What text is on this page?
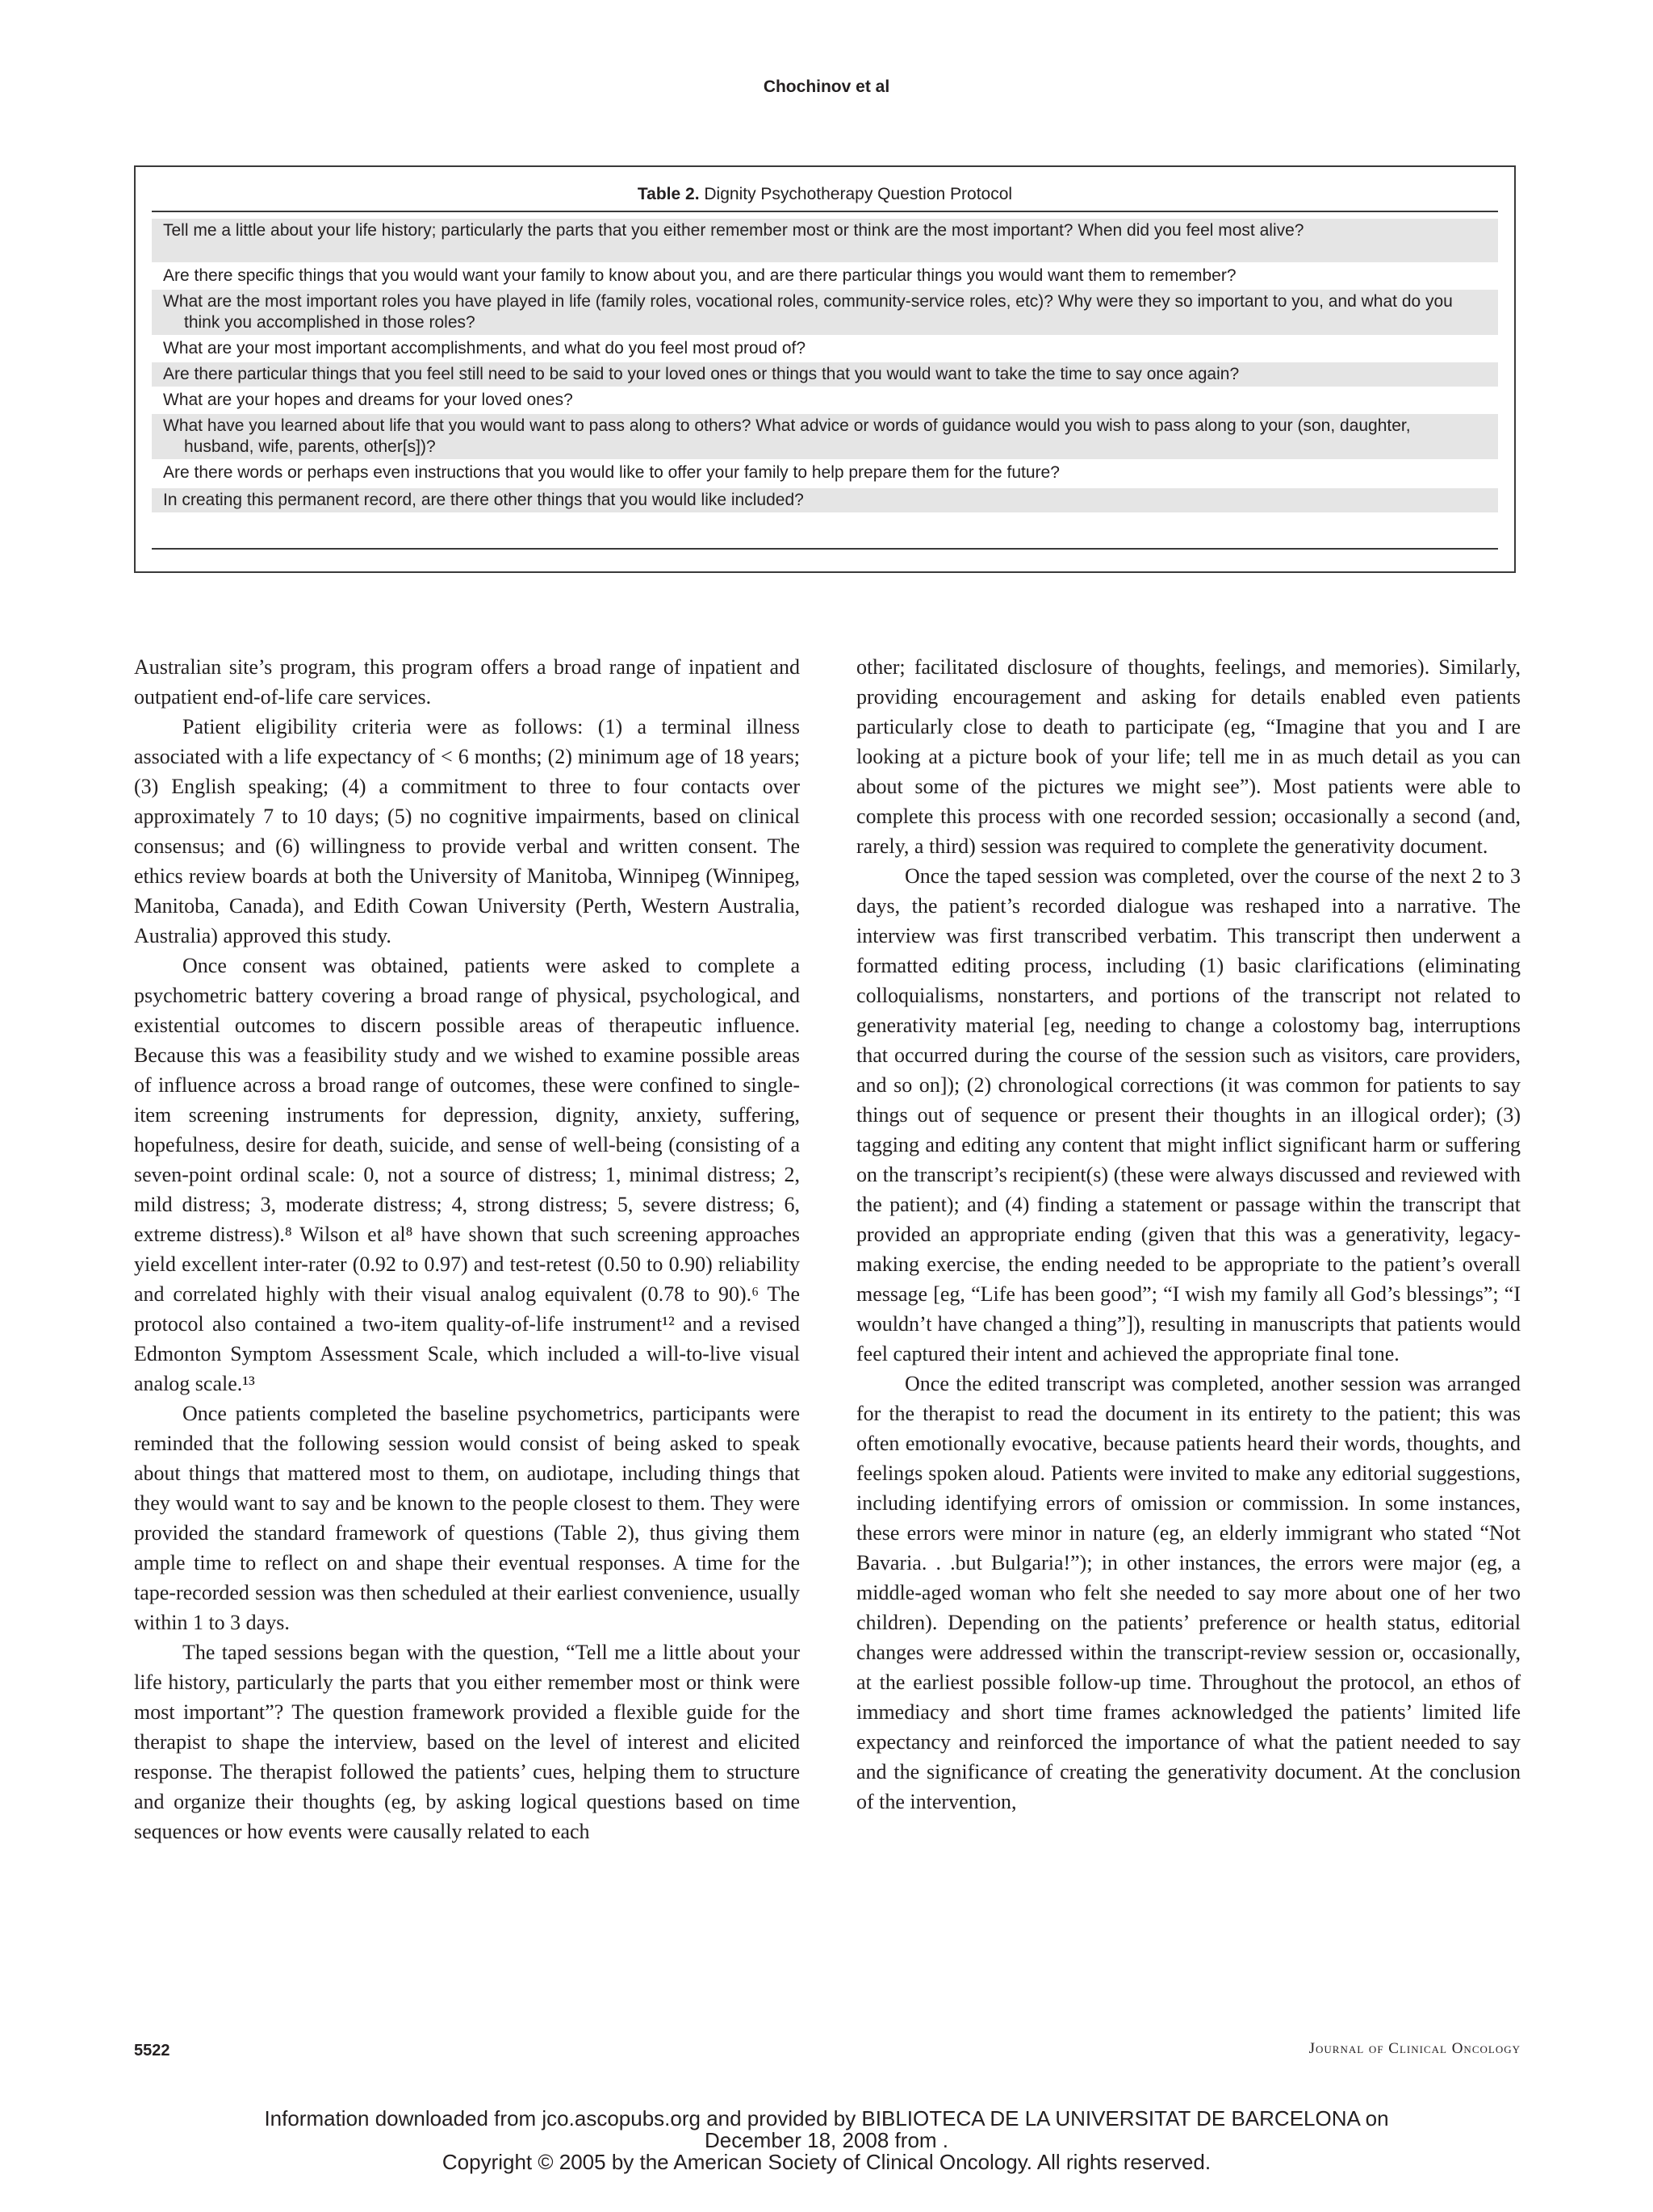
Chochinov et al
Table 2. Dignity Psychotherapy Question Protocol
Tell me a little about your life history; particularly the parts that you either remember most or think are the most important? When did you feel most alive?
Are there specific things that you would want your family to know about you, and are there particular things you would want them to remember?
What are the most important roles you have played in life (family roles, vocational roles, community-service roles, etc)? Why were they so important to you, and what do you think you accomplished in those roles?
What are your most important accomplishments, and what do you feel most proud of?
Are there particular things that you feel still need to be said to your loved ones or things that you would want to take the time to say once again?
What are your hopes and dreams for your loved ones?
What have you learned about life that you would want to pass along to others? What advice or words of guidance would you wish to pass along to your (son, daughter, husband, wife, parents, other[s])?
Are there words or perhaps even instructions that you would like to offer your family to help prepare them for the future?
In creating this permanent record, are there other things that you would like included?

Australian site’s program, this program offers a broad range of inpatient and outpatient end-of-life care services.

Patient eligibility criteria were as follows: (1) a terminal illness associated with a life expectancy of < 6 months; (2) minimum age of 18 years; (3) English speaking; (4) a commitment to three to four contacts over approximately 7 to 10 days; (5) no cognitive impairments, based on clinical consensus; and (6) willingness to provide verbal and written consent. The ethics review boards at both the University of Manitoba, Winnipeg (Winnipeg, Manitoba, Canada), and Edith Cowan University (Perth, Western Australia, Australia) approved this study.

Once consent was obtained, patients were asked to complete a psychometric battery covering a broad range of physical, psychological, and existential outcomes to discern possible areas of therapeutic influence. Because this was a feasibility study and we wished to examine possible areas of influence across a broad range of outcomes, these were confined to single-item screening instruments for depression, dignity, anxiety, suffering, hopefulness, desire for death, suicide, and sense of well-being (consisting of a seven-point ordinal scale: 0, not a source of distress; 1, minimal distress; 2, mild distress; 3, moderate distress; 4, strong distress; 5, severe distress; 6, extreme distress).⁸ Wilson et al⁸ have shown that such screening approaches yield excellent inter-rater (0.92 to 0.97) and test-retest (0.50 to 0.90) reliability and correlated highly with their visual analog equivalent (0.78 to 90).⁶ The protocol also contained a two-item quality-of-life instrument¹² and a revised Edmonton Symptom Assessment Scale, which included a will-to-live visual analog scale.¹³

Once patients completed the baseline psychometrics, participants were reminded that the following session would consist of being asked to speak about things that mattered most to them, on audiotape, including things that they would want to say and be known to the people closest to them. They were provided the standard framework of questions (Table 2), thus giving them ample time to reflect on and shape their eventual responses. A time for the tape-recorded session was then scheduled at their earliest convenience, usually within 1 to 3 days.

The taped sessions began with the question, “Tell me a little about your life history, particularly the parts that you either remember most or think were most important”? The question framework provided a flexible guide for the therapist to shape the interview, based on the level of interest and elicited response. The therapist followed the patients’ cues, helping them to structure and organize their thoughts (eg, by asking logical questions based on time sequences or how events were causally related to each

other; facilitated disclosure of thoughts, feelings, and memories). Similarly, providing encouragement and asking for details enabled even patients particularly close to death to participate (eg, “Imagine that you and I are looking at a picture book of your life; tell me in as much detail as you can about some of the pictures we might see”). Most patients were able to complete this process with one recorded session; occasionally a second (and, rarely, a third) session was required to complete the generativity document.

Once the taped session was completed, over the course of the next 2 to 3 days, the patient’s recorded dialogue was reshaped into a narrative. The interview was first transcribed verbatim. This transcript then underwent a formatted editing process, including (1) basic clarifications (eliminating colloquialisms, nonstarters, and portions of the transcript not related to generativity material [eg, needing to change a colostomy bag, interruptions that occurred during the course of the session such as visitors, care providers, and so on]); (2) chronological corrections (it was common for patients to say things out of sequence or present their thoughts in an illogical order); (3) tagging and editing any content that might inflict significant harm or suffering on the transcript’s recipient(s) (these were always discussed and reviewed with the patient); and (4) finding a statement or passage within the transcript that provided an appropriate ending (given that this was a generativity, legacy-making exercise, the ending needed to be appropriate to the patient’s overall message [eg, “Life has been good”; “I wish my family all God’s blessings”; “I wouldn’t have changed a thing”]), resulting in manuscripts that patients would feel captured their intent and achieved the appropriate final tone.

Once the edited transcript was completed, another session was arranged for the therapist to read the document in its entirety to the patient; this was often emotionally evocative, because patients heard their words, thoughts, and feelings spoken aloud. Patients were invited to make any editorial suggestions, including identifying errors of omission or commission. In some instances, these errors were minor in nature (eg, an elderly immigrant who stated “Not Bavaria. . .but Bulgaria!”); in other instances, the errors were major (eg, a middle-aged woman who felt she needed to say more about one of her two children). Depending on the patients’ preference or health status, editorial changes were addressed within the transcript-review session or, occasionally, at the earliest possible follow-up time. Throughout the protocol, an ethos of immediacy and short time frames acknowledged the patients’ limited life expectancy and reinforced the importance of what the patient needed to say and the significance of creating the generativity document. At the conclusion of the intervention,

5522	Journal of Clinical Oncology
Information downloaded from jco.ascopubs.org and provided by BIBLIOTECA DE LA UNIVERSITAT DE BARCELONA on
December 18, 2008 from .
Copyright © 2005 by the American Society of Clinical Oncology. All rights reserved.
